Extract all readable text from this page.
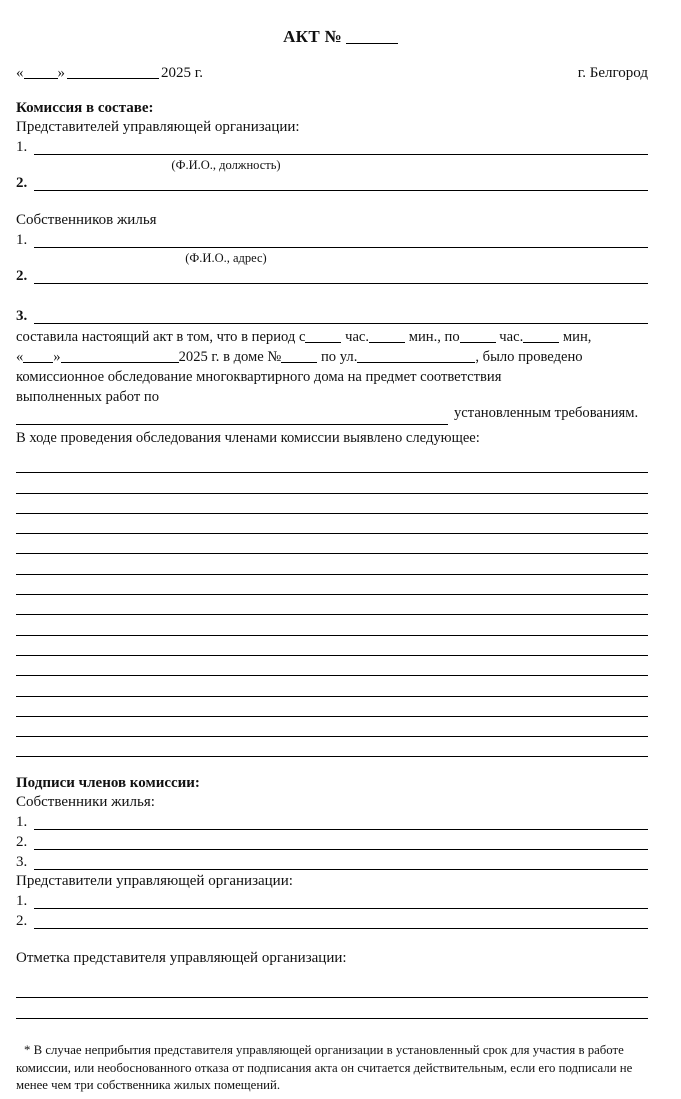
АКТ №
« »	2025 г.	г. Белгород
Комиссия в составе:
Представителей управляющей организации:
1.
(Ф.И.О., должность)
2.
Собственников жилья
1.
(Ф.И.О., адрес)
2.
3.
составила настоящий акт в том, что в период с	час.	мин., по	час.	мин,
« »	2025 г. в доме №	по ул.	, было проведено
комиссионное обследование многоквартирного дома на предмет соответствия
выполненных работ по
установленным требованиям.
В ходе проведения обследования членами комиссии выявлено следующее:
Подписи членов комиссии:
Собственники жилья:
1.
2.
3.
Представители управляющей организации:
1.
2.
Отметка представителя управляющей организации:
* В случае неприбытия представителя управляющей организации в установленный срок для участия в работе комиссии, или необоснованного отказа от подписания акта он считается действительным, если его подписали не менее чем три собственника жилых помещений.
